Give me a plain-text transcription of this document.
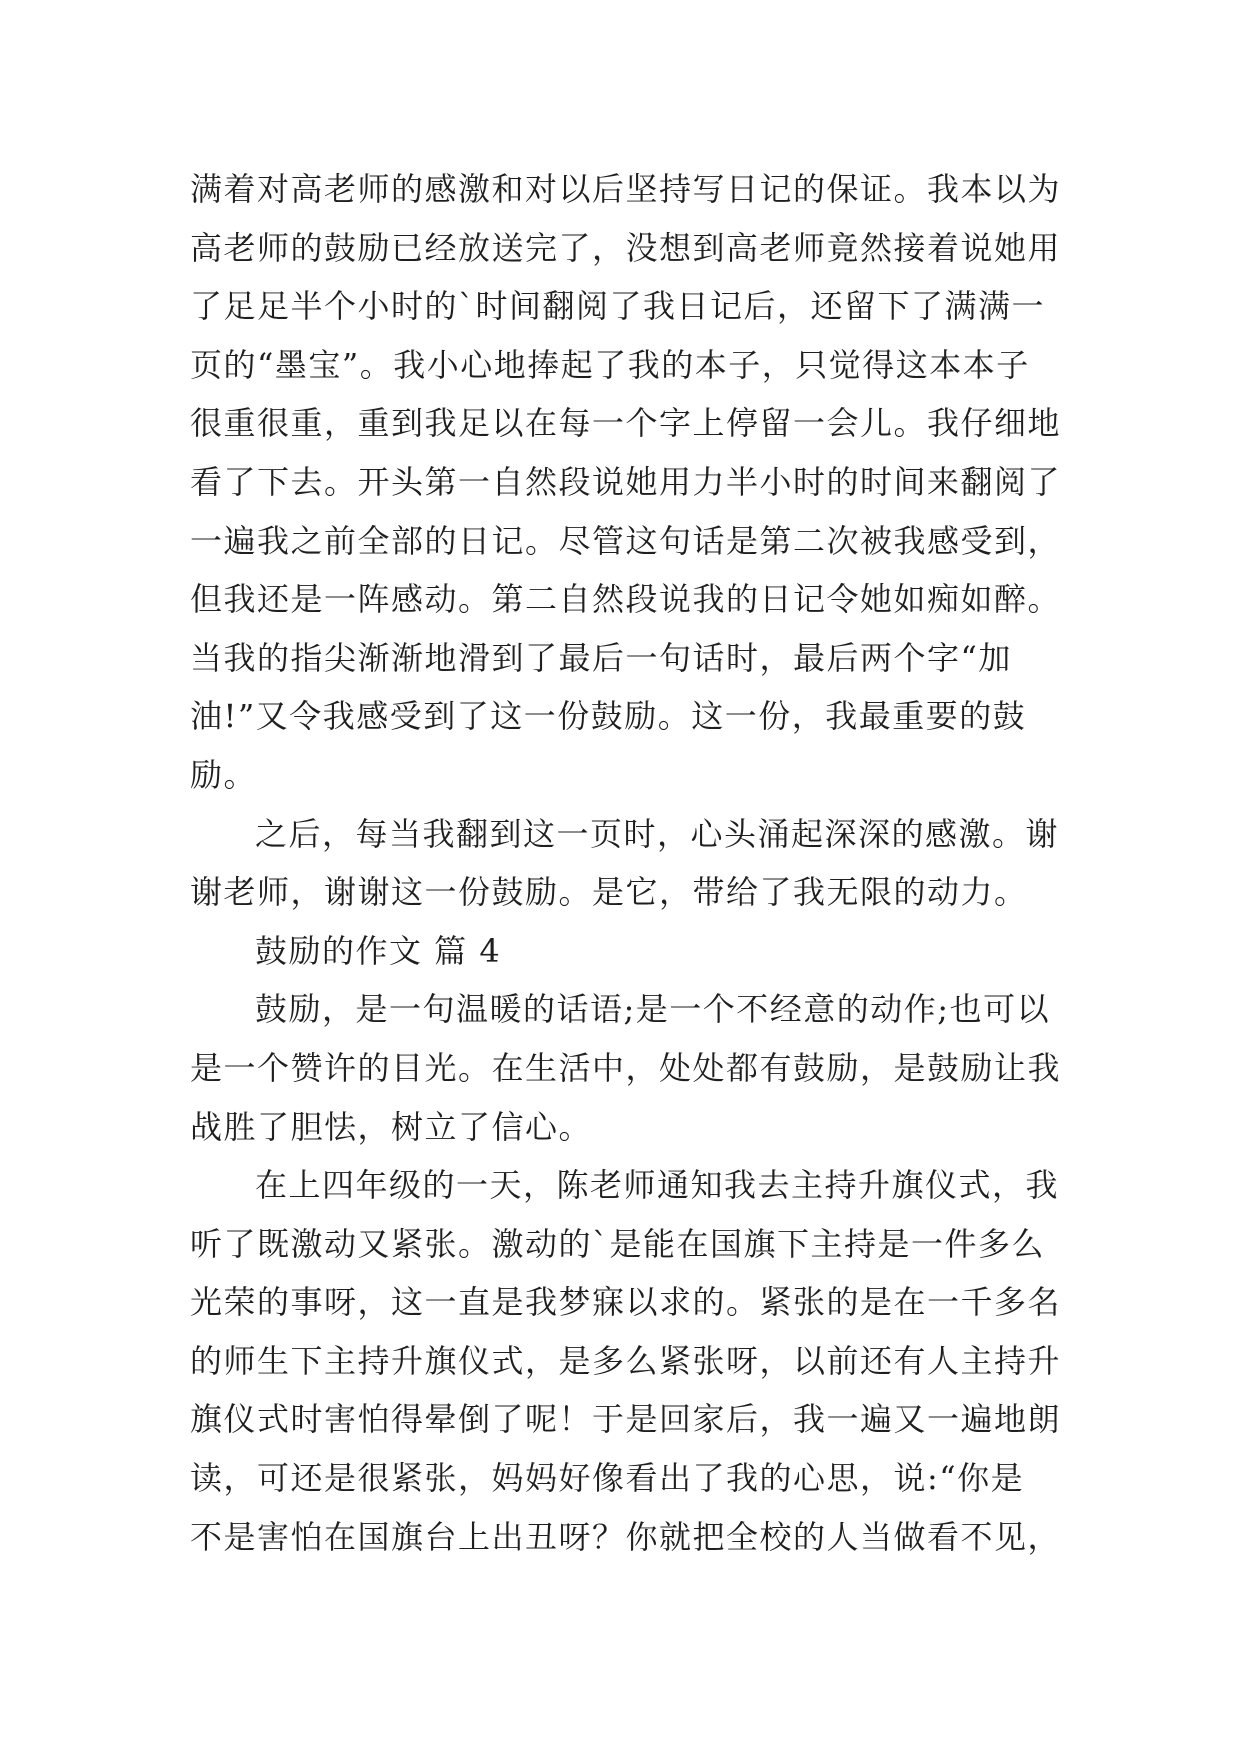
满着对高老师的感激和对以后坚持写日记的保证。我本以为
高老师的鼓励已经放送完了，没想到高老师竟然接着说她用
了足足半个小时的`时间翻阅了我日记后，还留下了满满一
页的“墨宝”。我小心地捧起了我的本子，只觉得这本本子
很重很重，重到我足以在每一个字上停留一会儿。我仔细地
看了下去。开头第一自然段说她用力半小时的时间来翻阅了
一遍我之前全部的日记。尽管这句话是第二次被我感受到，
但我还是一阵感动。第二自然段说我的日记令她如痴如醉。
当我的指尖渐渐地滑到了最后一句话时，最后两个字“加
油!”又令我感受到了这一份鼓励。这一份，我最重要的鼓
励。
之后，每当我翻到这一页时，心头涌起深深的感激。谢
谢老师，谢谢这一份鼓励。是它，带给了我无限的动力。
鼓励的作文 篇 4
鼓励，是一句温暖的话语;是一个不经意的动作;也可以
是一个赞许的目光。在生活中，处处都有鼓励，是鼓励让我
战胜了胆怯，树立了信心。
在上四年级的一天，陈老师通知我去主持升旗仪式，我
听了既激动又紧张。激动的`是能在国旗下主持是一件多么
光荣的事呀，这一直是我梦寐以求的。紧张的是在一千多名
的师生下主持升旗仪式，是多么紧张呀，以前还有人主持升
旗仪式时害怕得晕倒了呢！于是回家后，我一遍又一遍地朗
读，可还是很紧张，妈妈好像看出了我的心思，说:“你是
不是害怕在国旗台上出丑呀？你就把全校的人当做看不见，
